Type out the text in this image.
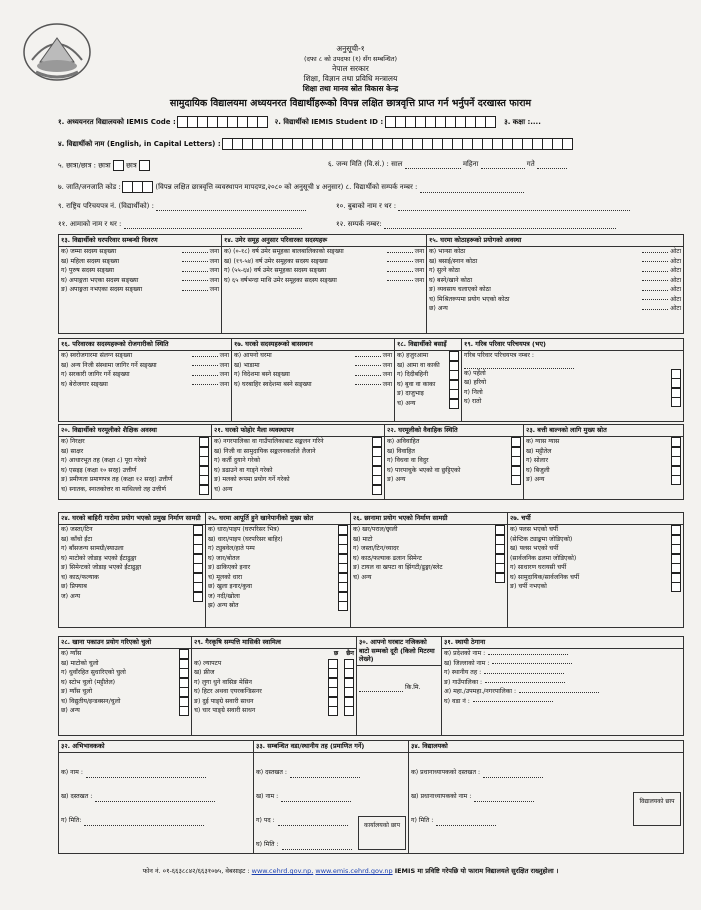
अनुसूची-१
(दफा ८ को उपदफा (१) सँग सम्बन्धित)
नेपाल सरकार
शिक्षा, विज्ञान तथा प्रविधि मन्त्रालय
शिक्षा तथा मानव स्रोत विकास केन्द्र
सामुदायिक विद्यालयमा अध्ययनरत विद्यार्थीहरूको विपन्न लक्षित छात्रवृत्ति प्राप्त गर्न भर्नुपर्ने दरखास्त फाराम
१. अध्ययनरत विद्यालयको IEMIS Code :	२. विद्यार्थीको IEMIS Student ID :	३. कक्षा :....
४. विद्यार्थीको नाम (English, in Capital Letters) :
५. छात्रा/छात्र : छात्रा छात्र	६. जन्म मिति (वि.सं.) : साल	महिना	गते
७. जाति/जनजाति कोड :	(विपन्न लक्षित छात्रवृत्ति व्यवस्थापन मापदण्ड,२०८० को अनुसूची ४ अनुसार) ८. विद्यार्थीको सम्पर्क नम्बर :
९. राष्ट्रिय परिचयपत्र नं. (विद्यार्थीको) :	१०. बुबाको नाम र थर :
११. आमाको नाम र थर :	१२. सम्पर्क नम्बर:
१३. विद्यार्थीको घरपरिवार सम्बन्धी विवरण
क) जम्मा सदस्य सङ्ख्या	जना
ख) महिला सदस्य सङ्ख्या	जना
ग) पुरुष सदस्य सङ्ख्या	जना
घ) अपाङ्गता भएका सदस्य सङ्ख्या	जना
ङ) अपाङ्गता नभएका सदस्य सङ्ख्या	जना

१४. उमेर समूह अनुसार परिवारका सदस्यहरू
क) (०-१८) वर्ष उमेर समूहका बालबालिकाको सङ्ख्या	जना
ख) (१९-५४) वर्ष उमेर समूहका सदस्य सङ्ख्या	जना
ग) (५५-६४) वर्ष उमेर समूहका सदस्य सङ्ख्या	जना
घ) ६५ वर्षभन्दा माथि उमेर समूहका सदस्य सङ्ख्या	जना

१५. घरमा कोठाहरूको प्रयोगको अवस्था
क) भान्सा कोठा	ओटा
ख) बसाई/स्नान कोठा	ओटा
ग) सुत्ने कोठा	ओटा
घ) बस्ने/खाने कोठा	ओटा
ङ) व्यवसाय चलाएको कोठा	ओटा
च) मिश्रितरूपमा प्रयोग भएको कोठा	ओटा
छ) अन्य	ओटा
१६. परिवारका सदस्यहरूको रोजगारीको स्थिति
क) स्वरोजगारमा संलग्न सङ्ख्या	जना
ख) अन्य निजी संस्थामा जागिर गर्ने सङ्ख्या	जना
ग) सरकारी जागिर गर्ने सङ्ख्या	जना
घ) बेरोजगार सङ्ख्या	जना

१७. घरको सदस्यहरूको बासस्थान
क) आफ्नो घरमा	जना
ख) भाडामा	जना
ग) विदेशमा बस्ने सङ्ख्या	जना
घ) घरबाहिर स्वदेशमा बस्ने सङ्ख्या	जना

१८. विद्यार्थीको बसाइँ
क) हजुरआमा
ख) आमा वा काकी
ग) दिदीबहिनी
घ) बुवा वा काका
ङ) दाजुभाइ
च) अन्य

१९. गरिब परिवार परिचयपत्र (भए)
गरिब परिवार परिचयपत्र नम्बर :
क) पहेंलो
ख) हरियो
ग) निलो
घ) रातो
२०. विद्यार्थीको घरमूलीको शैक्षिक अवस्था
क) निरक्षर
ख) साक्षर
ग) आधारभूत तह (कक्षा ८) पूरा गरेको
घ) एसइइ (कक्षा १० सरह) उत्तीर्ण
ङ) प्रमीणता प्रमाणपत्र तह (कक्षा १२ सरह) उत्तीर्ण
च) स्नातक, स्नातकोत्तर वा माथिल्लो तह उत्तीर्ण

२१. घरको फोहोर मैला व्यवस्थापन
क) नगरपालिका वा गाउँपालिकाबाट सङ्कलन गरिने
ख) निजी वा सामुदायिक सङ्कलनकर्ताले लैजाने
ग) कर्ती दुयाने गरेको
घ) डढाउने वा गाड्ने गरेको
ङ) मलको रूपमा प्रयोग गर्ने गरेको
च) अन्य

२२. घरमूलीको वैवाहिक स्थिति
क) अविवाहित
ख) विवाहित
ग) विधवा वा विदुर
घ) पारपाचुके भएको वा छुट्टिएको
ङ) अन्य

२३. बत्ती बाल्नको लागि मुख्य स्रोत
क) ग्यास ग्यास
ख) मट्टीतेल
ग) सोलार
घ) बिजुली
ङ) अन्य
२४. घरको बाहिरी गारोमा प्रयोग भएको प्रमुख निर्माण सामग्री
क) जस्ता/टिन
ख) काँचो ईंटा
ग) बाँसजन्य सामग्री/स्याउला
घ) माटोको जोडाइ भएको ईंटाढुङ्गा
ङ) सिमेन्टको जोडाइ भएको ईंटाढुङ्गा
च) काठ/फल्याक
छ) प्रिफ्याब
ज) अन्य

२५. घरमा आपूर्ति हुने खानेपानीको मुख्य स्रोत
क) धारा/पाइप (घरपरिसर भित्र)
ख) धारा/पाइप (घरपरिसर बाहिर)
ग) ट्युबवेल/हाते पम्प
घ) जार/बोतल
ङ) ढाकिएको इनार
च) मूलको धारा
छ) खुला इनार/कुवा
ज) नदी/खोला
झ) अन्य स्रोत

२६. छानामा प्रयोग भएको निर्माण सामग्री
क) खर/पराल/छ्वाली
ख) माटो
ग) जस्ता/टिन/च्यादर
घ) काठ/फल्याक ढलान सिमेन्ट
ङ) टायल वा खपटा वा झिंगटी/ढुङ्गा/स्लेट
च) अन्य

२७. चर्पी
क) फ्लस भएको चर्पी
(सेप्टिक ट्याङ्कमा जोडिएको)
ख) फ्लस भएको चर्पी
(सार्वजनिक ढलमा जोडिएको)
ग) साधारण घरायसी चर्पी
घ) सामुदायिक/सार्वजनिक चर्पी
ङ) चर्पी नभएको
२८. खाना पकाउन प्रयोग गरिएको चुलो
क) ग्याँस
ख) माटोको चुलो
ग) धुवाँरहित सुधारिएको चुलो
घ) स्टोभ चुलो (मट्टीतेल)
ङ) ग्याँस चुलो
च) विद्युतीय/इन्डक्सन/चुलो
छ) अन्य

२९. गैरकृषि सम्पत्ति मासिकी स्वामित्व
छ छैन
क) ल्यापटप
ख) फ्रीज
ग) लुगा धुने वासिङ मेसिन
घ) हिटर अथवा एयरकन्डिसनर
ङ) दुई पाङ्ग्रे सवारी साधन
च) चार पाङ्ग्रे सवारी साधन

३०. आफ्नो घरबाट नजिकको बाटो सम्मको दूरी (किलो मिटरमा लेख्ने)
कि.मि.

३१. स्थायी ठेगाना
क) प्रदेशको नाम :
ख) जिल्लाको नाम :
ग) स्थानीय तह :
ङ) गाउँपालिका :
अ) महा./उपमहा./नगरपालिका :
घ) वडा नं :
३२. अभिभावकको
क) नाम :
ख) दस्तखत :
ग) मिति:

३३. सम्बन्धित वडा/स्थानीय तह (प्रमाणित गर्ने)
क) दस्तखत :
ख) नाम :
ग) पद :
घ) मिति :
कार्यालयको छाप

३४. विद्यालयको
क) प्रधानाध्यापकको दस्तखत :
ख) प्रधानाध्यापकको नाम :
ग) मिति :
विद्यालयको छाप
फोन नं. ०१-६६३८८४२/६६३१०७५, वेबसाइट : www.cehrd.gov.np, www.emis.cehrd.gov.np IEMIS मा प्रविष्टि गरेपछि यो फाराम विद्यालयले सुरक्षित राख्नुहोला ।
